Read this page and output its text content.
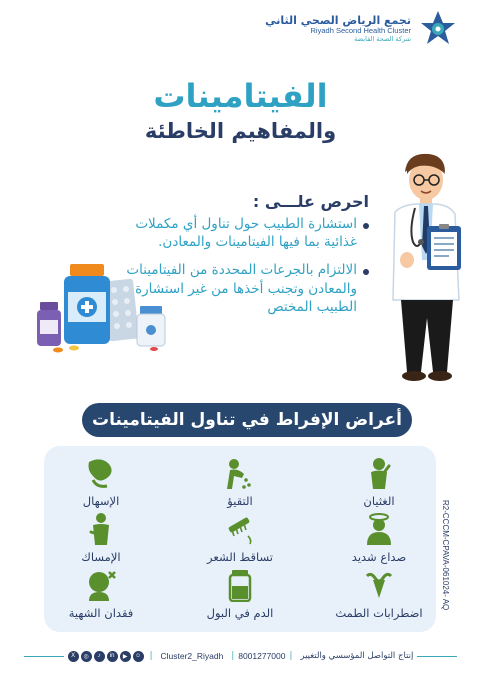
تجمع الرياض الصحي الثاني
Riyadh Second Health Cluster
شركة الصحة القابضة
الفيتامينات
والمفاهيم الخاطئة
احرص علـــى :
استشارة الطبيب حول تناول أي مكملات غذائية بما فيها الفيتامينات والمعادن.
الالتزام بالجرعات المحددة من الفيتامينات والمعادن وتجنب أخذها من غير استشارة الطبيب المختص
أعراض الإفراط في تناول الفيتامينات
الغثيان
التقيؤ
الإسهال
صداع شديد
تساقط الشعر
الإمساك
اضطرابات الطمث
الدم في البول
فقدان الشهية
R2-CCCM-CPAVA-061024- AQ
X	◎	♪	in	▶	☺ | Cluster2_Riyadh | 8001277000 | إنتاج التواصل المؤسسي والتغيير
